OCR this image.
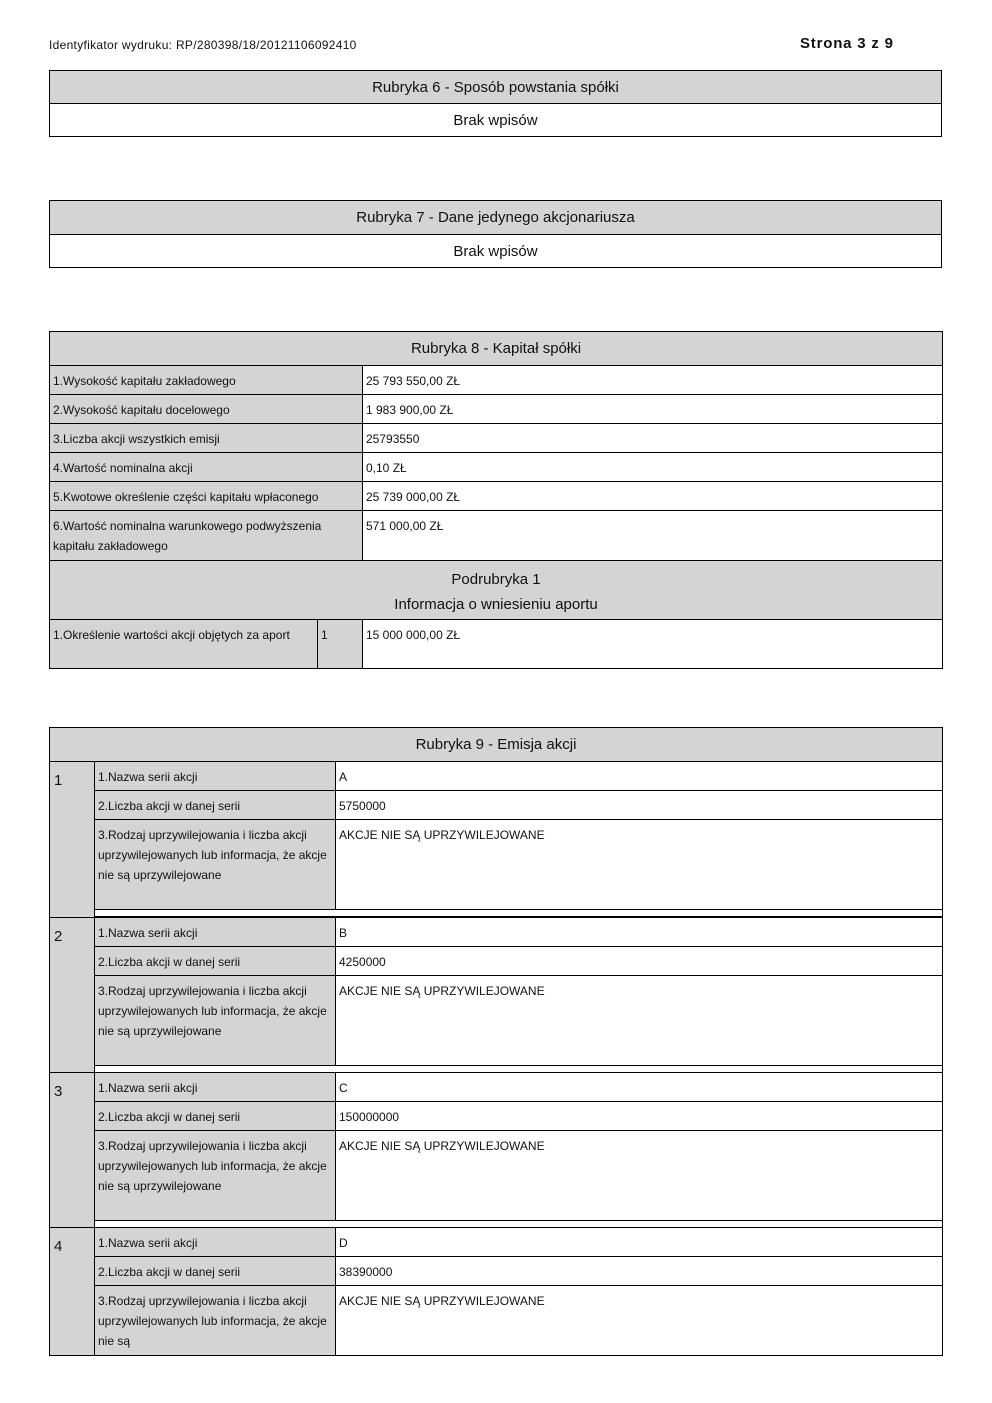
Identyfikator wydruku: RP/280398/18/20121106092410	Strona 3 z 9
Rubryka 6 - Sposób powstania spółki
Brak wpisów
Rubryka 7 - Dane jedynego akcjonariusza
Brak wpisów
Rubryka 8 - Kapitał spółki		
1.Wysokość kapitału zakładowego		25 793 550,00 ZŁ
2.Wysokość kapitału docelowego		1 983 900,00 ZŁ
3.Liczba akcji wszystkich emisji		25793550
4.Wartość nominalna akcji		0,10 ZŁ
5.Kwotowe określenie części kapitału wpłaconego		25 739 000,00 ZŁ
6.Wartość nominalna warunkowego podwyższenia kapitału zakładowego		571 000,00 ZŁ

Podrubryka 1
Informacja o wniesieniu aportu		

1.Określenie wartości akcji objętych za aport	1	15 000 000,00 ZŁ
Rubryka 9 - Emisja akcji		
1	1.Nazwa serii akcji	A
	2.Liczba akcji w danej serii	5750000
	3.Rodzaj uprzywilejowania i liczba akcji uprzywilejowanych lub informacja, że akcje nie są uprzywilejowane	AKCJE NIE SĄ UPRZYWILEJOWANE

2	1.Nazwa serii akcji	B
	2.Liczba akcji w danej serii	4250000
	3.Rodzaj uprzywilejowania i liczba akcji uprzywilejowanych lub informacja, że akcje nie są uprzywilejowane	AKCJE NIE SĄ UPRZYWILEJOWANE

3	1.Nazwa serii akcji	C
	2.Liczba akcji w danej serii	150000000
	3.Rodzaj uprzywilejowania i liczba akcji uprzywilejowanych lub informacja, że akcje nie są uprzywilejowane	AKCJE NIE SĄ UPRZYWILEJOWANE

4	1.Nazwa serii akcji	D
	2.Liczba akcji w danej serii	38390000
	3.Rodzaj uprzywilejowania i liczba akcji uprzywilejowanych lub informacja, że akcje nie są	AKCJE NIE SĄ UPRZYWILEJOWANE
